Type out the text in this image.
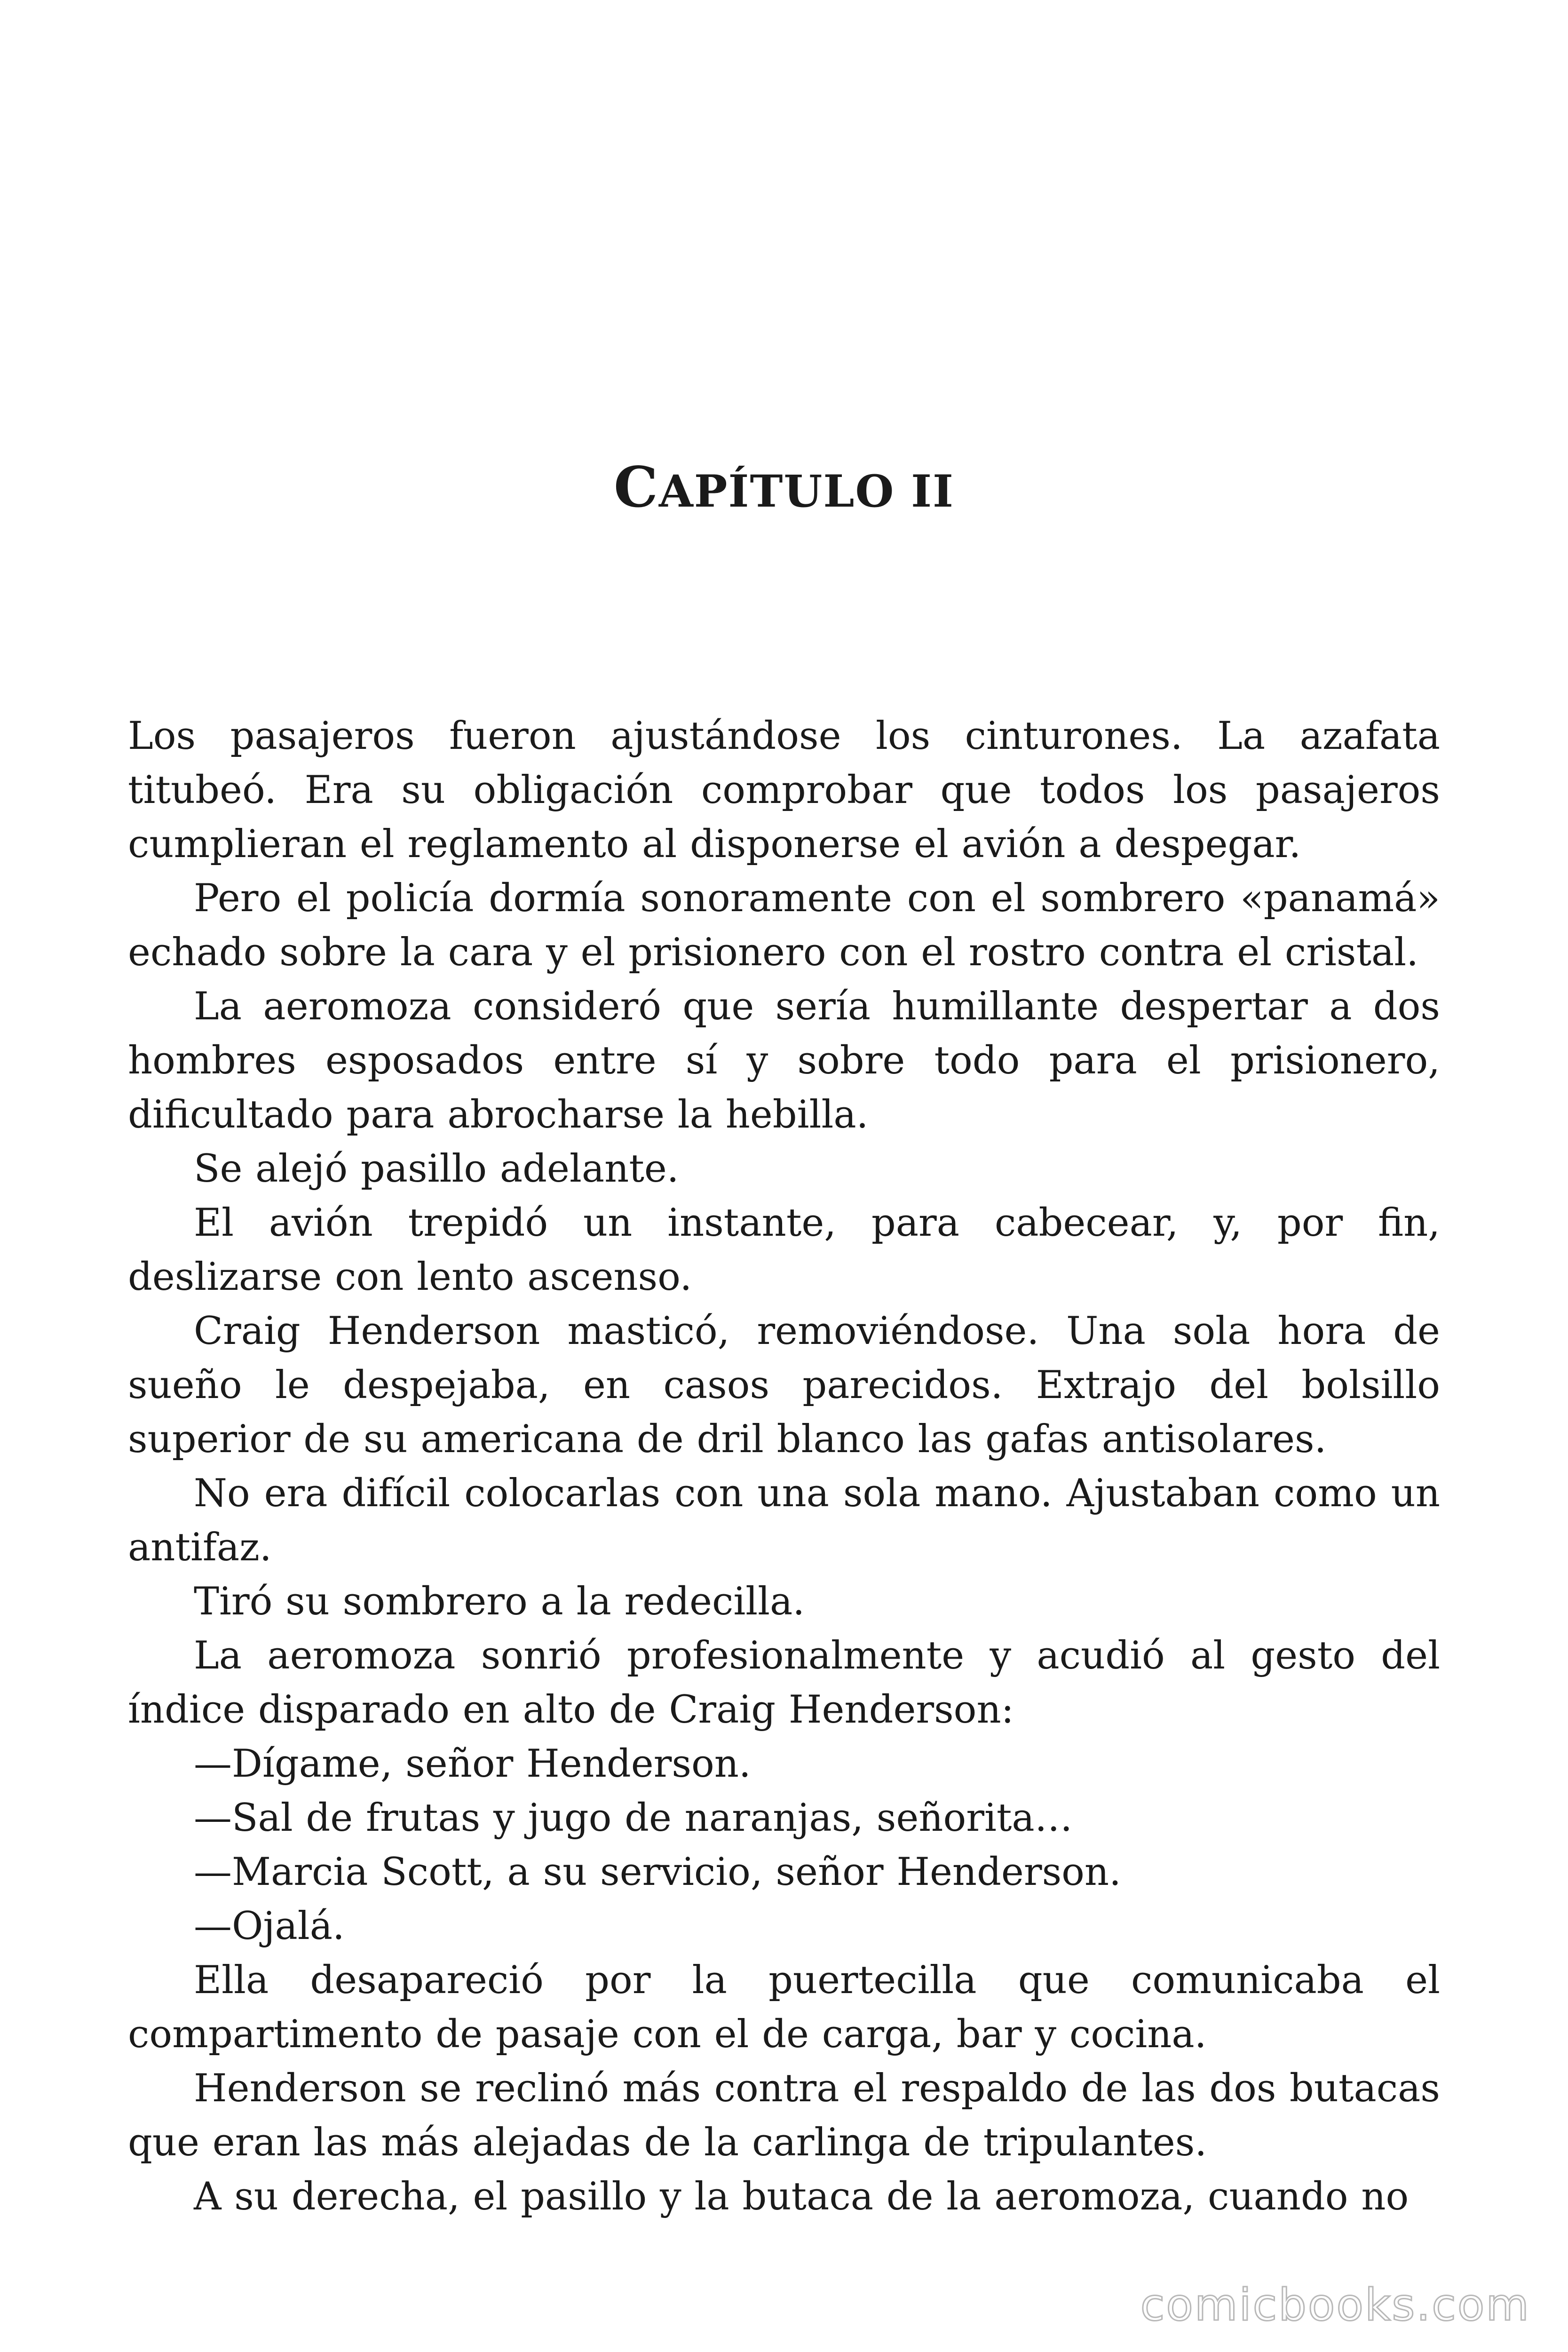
CAPÍTULO II

Los pasajeros fueron ajustándose los cinturones. La azafata titubeó. Era su obligación comprobar que todos los pasajeros cumplieran el reglamento al disponerse el avión a despegar.

Pero el policía dormía sonoramente con el sombrero «panamá» echado sobre la cara y el prisionero con el rostro contra el cristal.

La aeromoza consideró que sería humillante despertar a dos hombres esposados entre sí y sobre todo para el prisionero, dificultado para abrocharse la hebilla.

Se alejó pasillo adelante.

El avión trepidó un instante, para cabecear, y, por fin, deslizarse con lento ascenso.

Craig Henderson masticó, removiéndose. Una sola hora de sueño le despejaba, en casos parecidos. Extrajo del bolsillo superior de su americana de dril blanco las gafas antisolares.

No era difícil colocarlas con una sola mano. Ajustaban como un antifaz.

Tiró su sombrero a la redecilla.

La aeromoza sonrió profesionalmente y acudió al gesto del índice disparado en alto de Craig Henderson:

—Dígame, señor Henderson.

—Sal de frutas y jugo de naranjas, señorita…

—Marcia Scott, a su servicio, señor Henderson.

—Ojalá.

Ella desapareció por la puertecilla que comunicaba el compartimento de pasaje con el de carga, bar y cocina.

Henderson se reclinó más contra el respaldo de las dos butacas que eran las más alejadas de la carlinga de tripulantes.

A su derecha, el pasillo y la butaca de la aeromoza, cuando no

comicbooks.com
